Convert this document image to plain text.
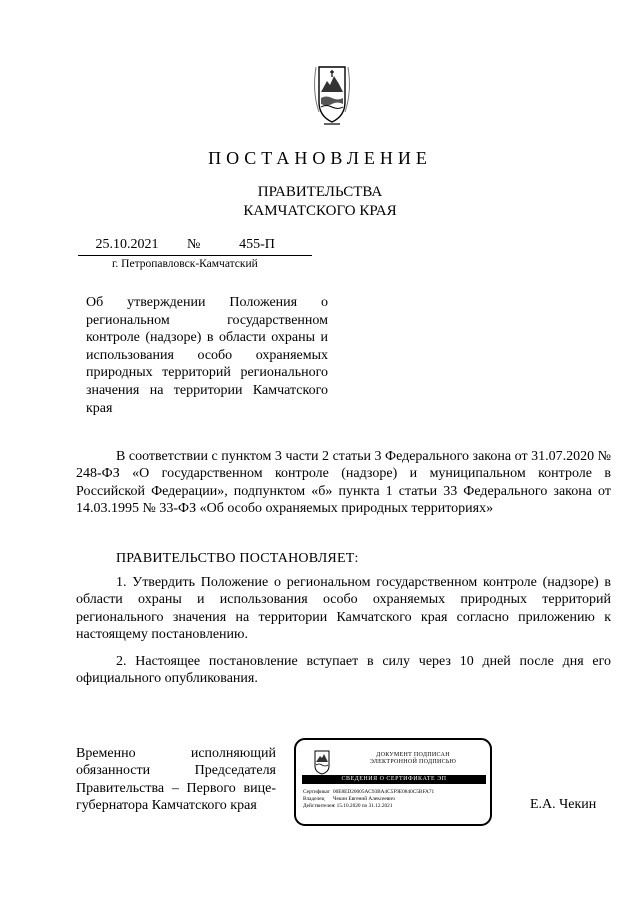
ПОСТАНОВЛЕНИЕ
ПРАВИТЕЛЬСТВА
КАМЧАТСКОГО КРАЯ
25.10.2021	№	455-П
г. Петропавловск-Камчатский
Об утверждении Положения о региональном государственном контроле (надзоре) в области охраны и использования особо охраняемых природных территорий регионального значения на территории Камчатского края
В соответствии с пунктом 3 части 2 статьи 3 Федерального закона от 31.07.2020 № 248-ФЗ «О государственном контроле (надзоре) и муниципальном контроле в Российской Федерации», подпунктом «б» пункта 1 статьи 33 Федерального закона от 14.03.1995 № 33-ФЗ «Об особо охраняемых природных территориях»
ПРАВИТЕЛЬСТВО ПОСТАНОВЛЯЕТ:
1. Утвердить Положение о региональном государственном контроле (надзоре) в области охраны и использования особо охраняемых природных территорий регионального значения на территории Камчатского края согласно приложению к настоящему постановлению.
2. Настоящее постановление вступает в силу через 10 дней после дня его официального опубликования.
Временно исполняющий обязанности Председателя Правительства – Первого вице-губернатора Камчатского края
ДОКУМЕНТ ПОДПИСАН
ЭЛЕКТРОННОЙ ПОДПИСЬЮ
СВЕДЕНИЯ О СЕРТИФИКАТЕ ЭП
Сертификат 00E8ED20005AC93BA4C5F9E0840C5BFA71
Владелец Чекин Евгений Алексеевич
Действителенс 15.10.2020 по 31.12.2021	Е.А. Чекин
